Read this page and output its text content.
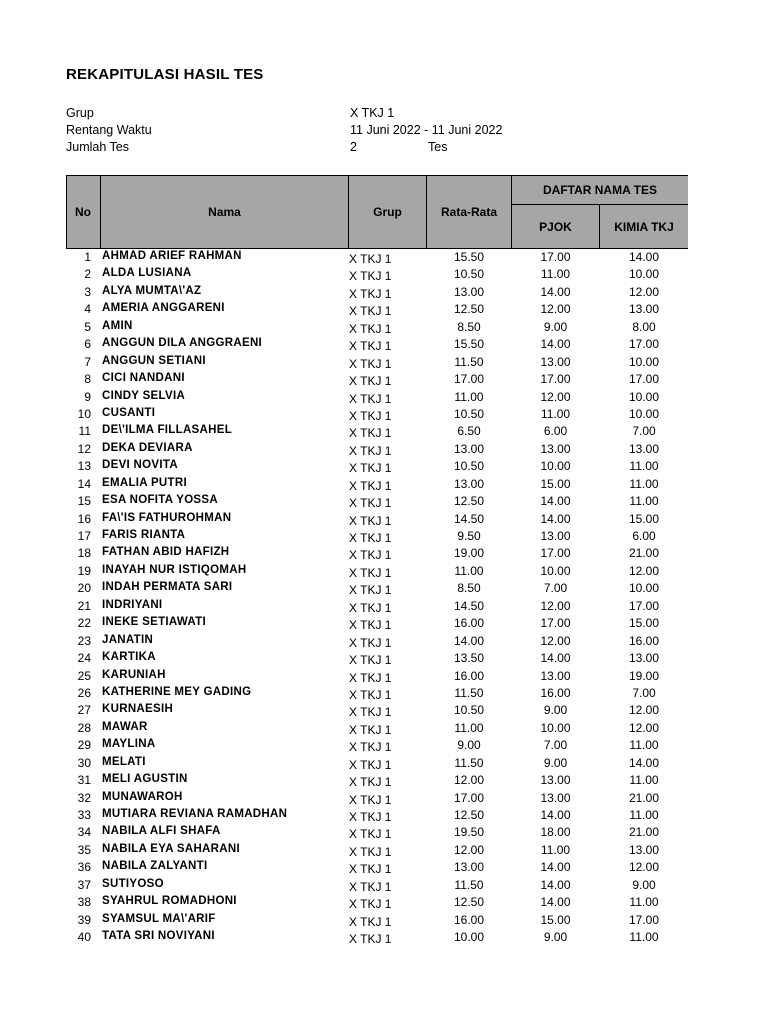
REKAPITULASI HASIL TES
Grup	X TKJ 1
Rentang Waktu	11 Juni 2022 - 11 Juni 2022
Jumlah Tes	2	Tes
No	Nama	Grup	Rata-Rata
DAFTAR NAMA TES
PJOK	KIMIA TKJ
1 AHMAD ARIEF RAHMAN	X TKJ 1	15.50	17.00	14.00
2 ALDA LUSIANA	X TKJ 1	10.50	11.00	10.00
3 ALYA MUMTA\'AZ	X TKJ 1	13.00	14.00	12.00
4 AMERIA ANGGARENI	X TKJ 1	12.50	12.00	13.00
5 AMIN	X TKJ 1	8.50	9.00	8.00
6 ANGGUN DILA ANGGRAENI	X TKJ 1	15.50	14.00	17.00
7 ANGGUN SETIANI	X TKJ 1	11.50	13.00	10.00
8 CICI NANDANI	X TKJ 1	17.00	17.00	17.00
9 CINDY SELVIA	X TKJ 1	11.00	12.00	10.00
10 CUSANTI	X TKJ 1	10.50	11.00	10.00
11 DE\'ILMA FILLASAHEL	X TKJ 1	6.50	6.00	7.00
12 DEKA DEVIARA	X TKJ 1	13.00	13.00	13.00
13 DEVI NOVITA	X TKJ 1	10.50	10.00	11.00
14 EMALIA PUTRI	X TKJ 1	13.00	15.00	11.00
15 ESA NOFITA YOSSA	X TKJ 1	12.50	14.00	11.00
16 FA\'IS FATHUROHMAN	X TKJ 1	14.50	14.00	15.00
17 FARIS RIANTA	X TKJ 1	9.50	13.00	6.00
18 FATHAN ABID HAFIZH	X TKJ 1	19.00	17.00	21.00
19 INAYAH NUR ISTIQOMAH	X TKJ 1	11.00	10.00	12.00
20 INDAH PERMATA SARI	X TKJ 1	8.50	7.00	10.00
21 INDRIYANI	X TKJ 1	14.50	12.00	17.00
22 INEKE SETIAWATI	X TKJ 1	16.00	17.00	15.00
23 JANATIN	X TKJ 1	14.00	12.00	16.00
24 KARTIKA	X TKJ 1	13.50	14.00	13.00
25 KARUNIAH	X TKJ 1	16.00	13.00	19.00
26 KATHERINE MEY GADING	X TKJ 1	11.50	16.00	7.00
27 KURNAESIH	X TKJ 1	10.50	9.00	12.00
28 MAWAR	X TKJ 1	11.00	10.00	12.00
29 MAYLINA	X TKJ 1	9.00	7.00	11.00
30 MELATI	X TKJ 1	11.50	9.00	14.00
31 MELI AGUSTIN	X TKJ 1	12.00	13.00	11.00
32 MUNAWAROH	X TKJ 1	17.00	13.00	21.00
33 MUTIARA REVIANA RAMADHAN	X TKJ 1	12.50	14.00	11.00
34 NABILA ALFI SHAFA	X TKJ 1	19.50	18.00	21.00
35 NABILA EYA SAHARANI	X TKJ 1	12.00	11.00	13.00
36 NABILA ZALYANTI	X TKJ 1	13.00	14.00	12.00
37 SUTIYOSO	X TKJ 1	11.50	14.00	9.00
38 SYAHRUL ROMADHONI	X TKJ 1	12.50	14.00	11.00
39 SYAMSUL MA\'ARIF	X TKJ 1	16.00	15.00	17.00
40 TATA SRI NOVIYANI	X TKJ 1	10.00	9.00	11.00
